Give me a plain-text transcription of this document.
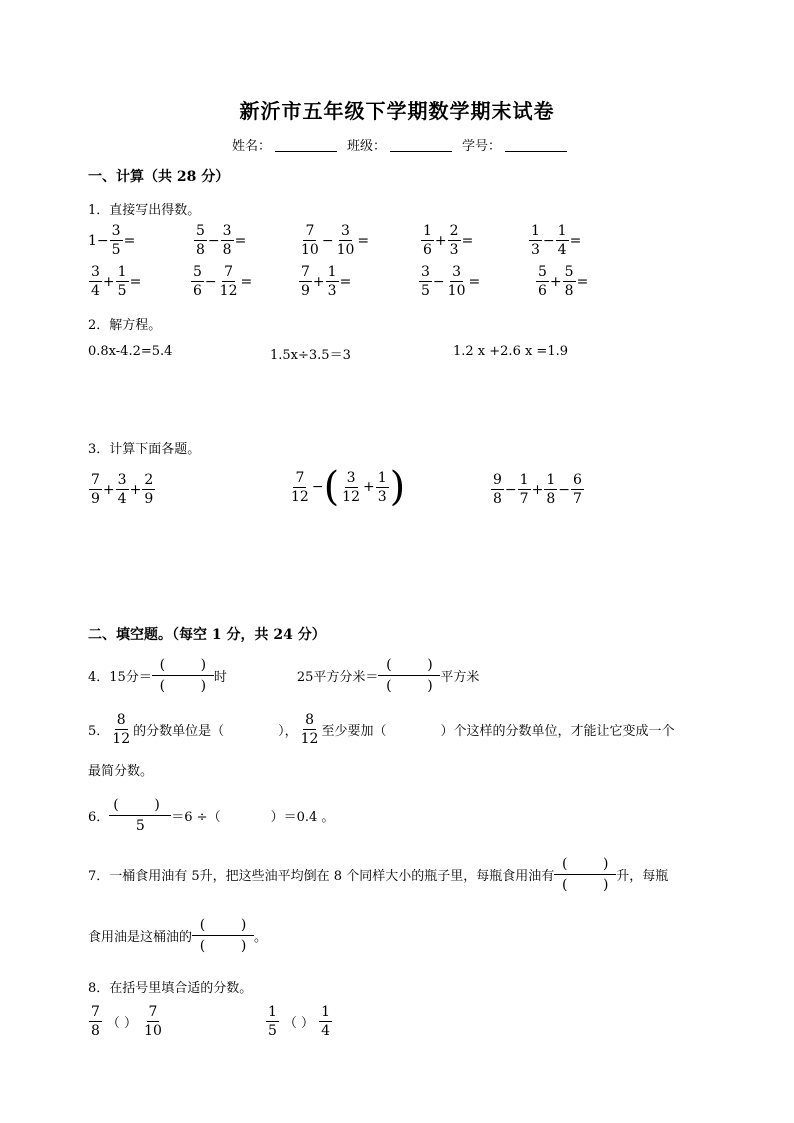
新沂市五年级下学期数学期末试卷
姓名：	班级：	学号：
一、计算（共 28 分）
1．直接写出得数。
$1 - \frac{3}{5}$ =	$\frac{5}{8} - \frac{3}{8}$ =	$\frac{7}{10} - \frac{3}{10}$ =	$\frac{1}{6} + \frac{2}{3}$ =	$\frac{1}{3} - \frac{1}{4}$ =
$\frac{3}{4} + \frac{1}{5}$ =	$\frac{5}{6} - \frac{7}{12}$ =	$\frac{7}{9} + \frac{1}{3}$ =	$\frac{3}{5} - \frac{3}{10}$ =	$\frac{5}{6} + \frac{5}{8}$ =
2．解方程。
0.8x-4.2=5.4	1.5x÷3.5＝3	1.2 x +2.6 x =1.9
3．计算下面各题。
$\frac{7}{9} + \frac{3}{4} + \frac{2}{9}$	$\frac{7}{12}$ − ( $\frac{3}{12} + \frac{1}{3}$ )	$\frac{9}{8} - \frac{1}{7} + \frac{1}{8} - \frac{6}{7}$
二、填空题。（每空 1 分，共 24 分）
4．15分＝
(        )
(        )
时	25平方分米＝
(        )
(        )
平方米
5． $\frac{8}{12}$ 的分数单位是（	）， $\frac{8}{12}$ 至少要加（	）个这样的分数单位，才能让它变成一个
最简分数。
6．
(        )
5
＝6 ÷（	）＝0.4 。
7．一桶食用油有 5升，把这些油平均倒在 8 个同样大小的瓶子里，每瓶食用油有
(        )
(        )
升，每瓶
食用油是这桶油的
(        )
(        )
。
8．在括号里填合适的分数。
$\frac{7}{8}$ （ ） $\frac{7}{10}$	$\frac{1}{5}$ （ ） $\frac{1}{4}$
